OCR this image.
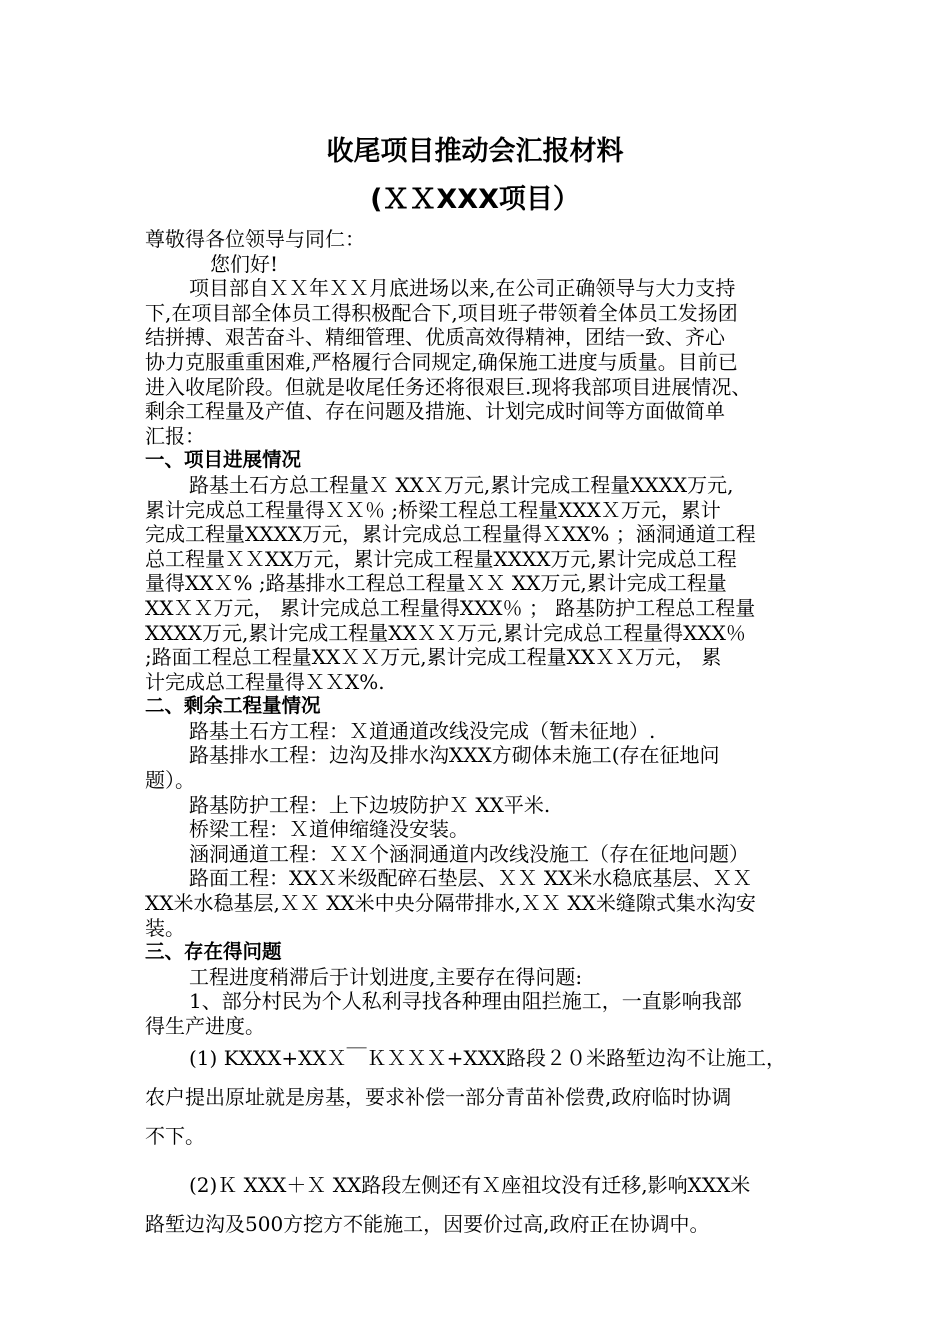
收尾项目推动会汇报材料
(ＸＸXXX项目）
尊敬得各位领导与同仁：
您们好!
项目部自ＸＸ年ＸＸ月底进场以来,在公司正确领导与大力支持
下,在项目部全体员工得积极配合下,项目班子带领着全体员工发扬团
结拼搏、艰苦奋斗、精细管理、优质高效得精神，团结一致、齐心
协力克服重重困难,严格履行合同规定,确保施工进度与质量。目前已
进入收尾阶段。但就是收尾任务还将很艰巨.现将我部项目进展情况、
剩余工程量及产值、存在问题及措施、计划完成时间等方面做简单
汇报：
一、项目进展情况
路基土石方总工程量Ｘ XXＸ万元,累计完成工程量XXXX万元,
累计完成总工程量得ＸＸ％ ;桥梁工程总工程量XXXＸ万元，累计
完成工程量XXXX万元，累计完成总工程量得ＸXX% ；涵洞通道工程
总工程量ＸＸXX万元，累计完成工程量XXXX万元,累计完成总工程
量得XXＸ% ;路基排水工程总工程量ＸＸ XX万元,累计完成工程量
XXＸＸ万元， 累计完成总工程量得XXX％ ； 路基防护工程总工程量
XXXX万元,累计完成工程量XXＸＸ万元,累计完成总工程量得XXX％
;路面工程总工程量XXＸＸ万元,累计完成工程量XXＸＸ万元， 累
计完成总工程量得ＸＸX%.
二、剩余工程量情况
路基土石方工程：Ｘ道通道改线没完成（暂未征地）.
路基排水工程：边沟及排水沟XXX方砌体未施工(存在征地问
题）。
路基防护工程：上下边坡防护Ｘ XX平米.
桥梁工程：Ｘ道伸缩缝没安装。
涵洞通道工程：ＸＸ个涵洞通道内改线没施工（存在征地问题）
路面工程：XXＸ米级配碎石垫层、ＸＸ XX米水稳底基层、ＸＸ
XX米水稳基层,ＸＸ XX米中央分隔带排水,ＸＸ XX米缝隙式集水沟安
装。
三、存在得问题
工程进度稍滞后于计划进度,主要存在得问题:
1、部分村民为个人私利寻找各种理由阻拦施工，一直影响我部
得生产进度。
(1) KXXX+XXＸ￣ＫＸＸＸ+XXX路段２０米路堑边沟不让施工，
农户提出原址就是房基，要求补偿一部分青苗补偿费,政府临时协调
不下。
(2)Ｋ XXX＋Ｘ XX路段左侧还有Ｘ座祖坟没有迁移,影响XXX米
路堑边沟及500方挖方不能施工，因要价过高,政府正在协调中。
